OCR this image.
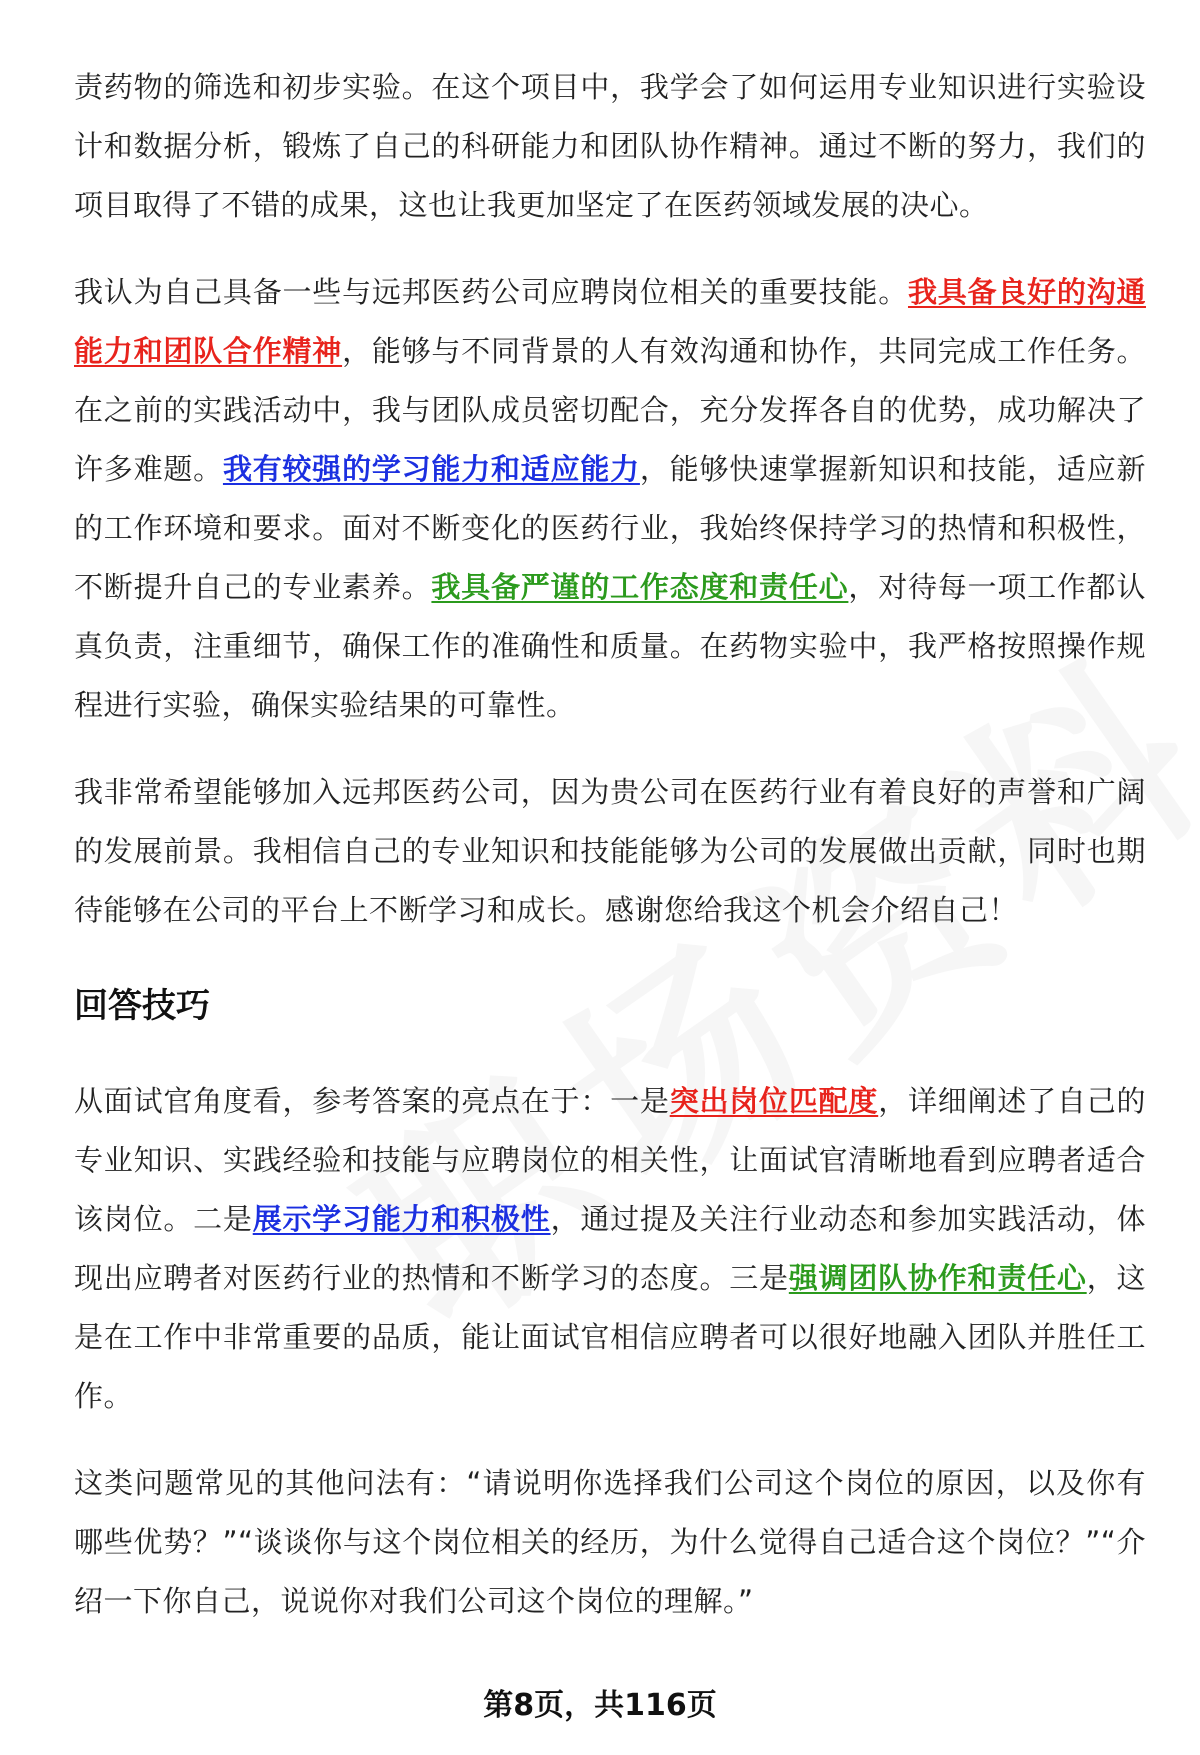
责药物的筛选和初步实验。在这个项目中，我学会了如何运用专业知识进行实验设计和数据分析，锻炼了自己的科研能力和团队协作精神。通过不断的努力，我们的项目取得了不错的成果，这也让我更加坚定了在医药领域发展的决心。

我认为自己具备一些与远邦医药公司应聘岗位相关的重要技能。我具备良好的沟通能力和团队合作精神，能够与不同背景的人有效沟通和协作，共同完成工作任务。在之前的实践活动中，我与团队成员密切配合，充分发挥各自的优势，成功解决了许多难题。我有较强的学习能力和适应能力，能够快速掌握新知识和技能，适应新的工作环境和要求。面对不断变化的医药行业，我始终保持学习的热情和积极性，不断提升自己的专业素养。我具备严谨的工作态度和责任心，对待每一项工作都认真负责，注重细节，确保工作的准确性和质量。在药物实验中，我严格按照操作规程进行实验，确保实验结果的可靠性。

我非常希望能够加入远邦医药公司，因为贵公司在医药行业有着良好的声誉和广阔的发展前景。我相信自己的专业知识和技能能够为公司的发展做出贡献，同时也期待能够在公司的平台上不断学习和成长。感谢您给我这个机会介绍自己！

回答技巧

从面试官角度看，参考答案的亮点在于：一是突出岗位匹配度，详细阐述了自己的专业知识、实践经验和技能与应聘岗位的相关性，让面试官清晰地看到应聘者适合该岗位。二是展示学习能力和积极性，通过提及关注行业动态和参加实践活动，体现出应聘者对医药行业的热情和不断学习的态度。三是强调团队协作和责任心，这是在工作中非常重要的品质，能让面试官相信应聘者可以很好地融入团队并胜任工作。

这类问题常见的其他问法有：“请说明你选择我们公司这个岗位的原因，以及你有哪些优势？”“谈谈你与这个岗位相关的经历，为什么觉得自己适合这个岗位？”“介绍一下你自己，说说你对我们公司这个岗位的理解。”

第8页，共116页
